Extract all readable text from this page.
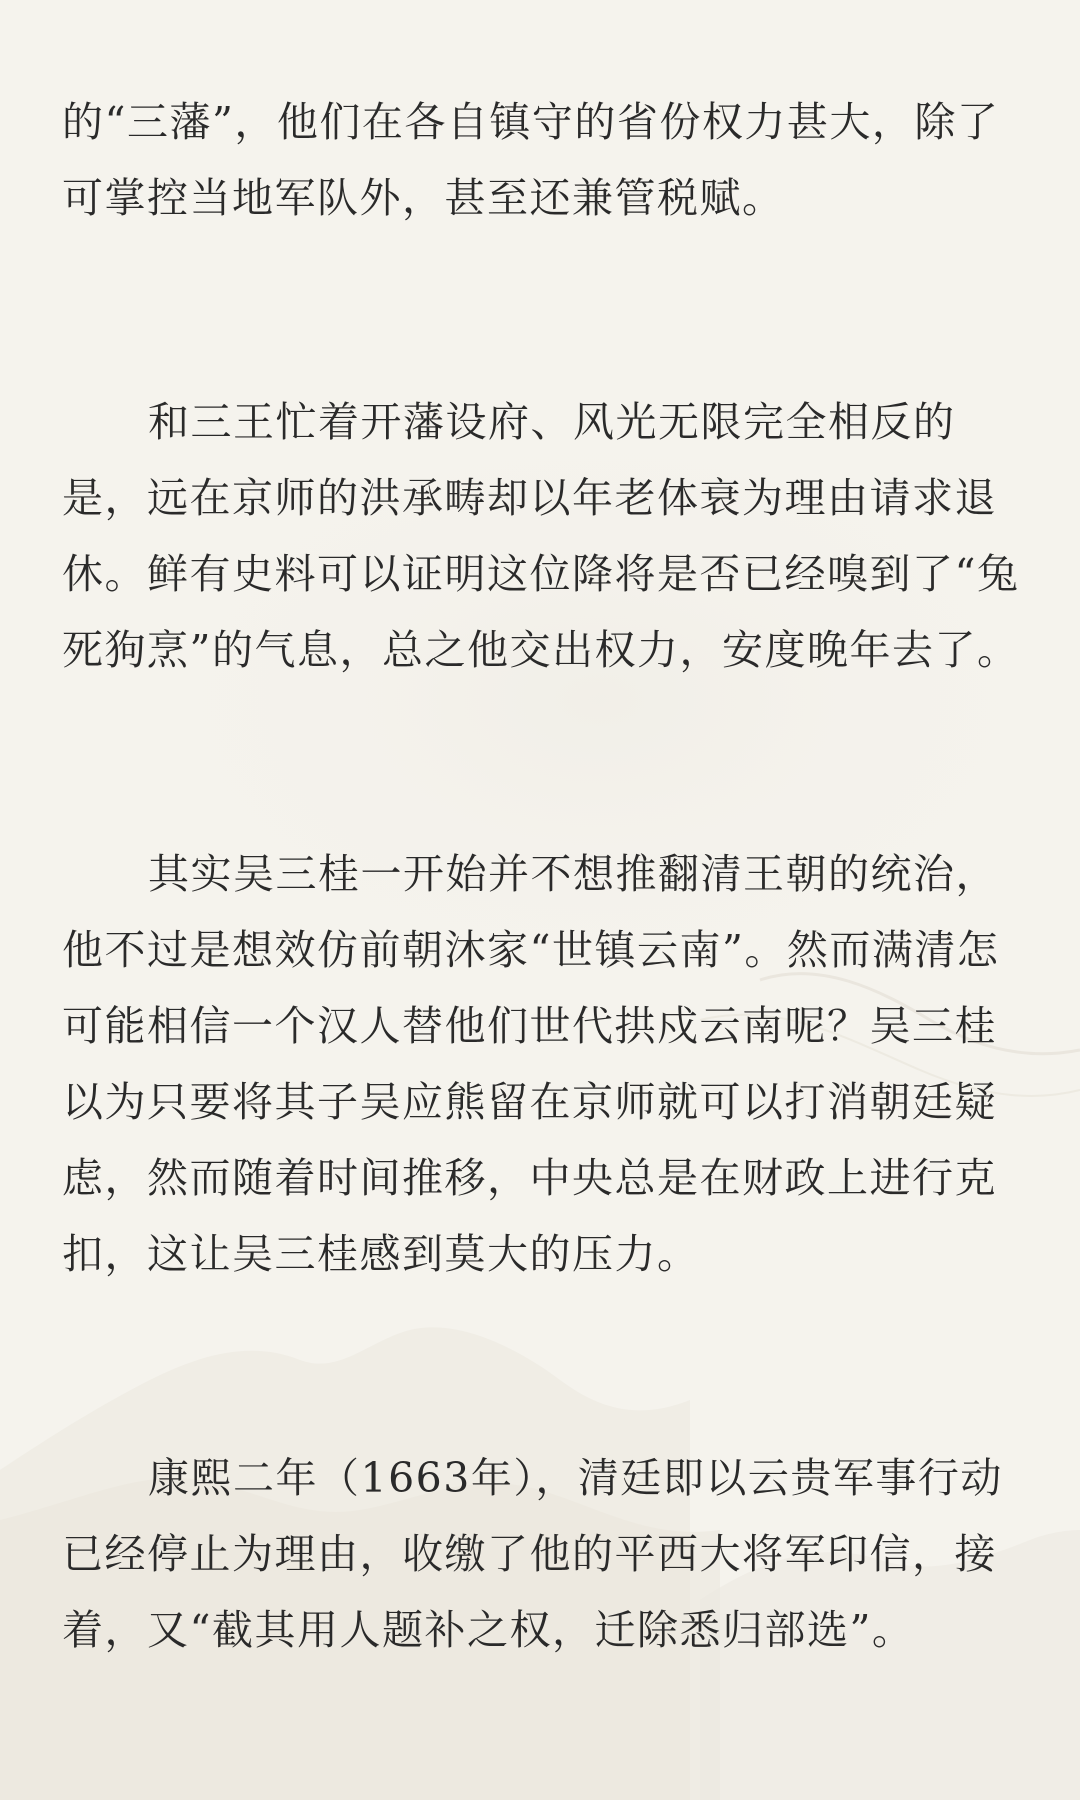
的“三藩”，他们在各自镇守的省份权力甚大，除了可掌控当地军队外，甚至还兼管税赋。

和三王忙着开藩设府、风光无限完全相反的是，远在京师的洪承畴却以年老体衰为理由请求退休。鲜有史料可以证明这位降将是否已经嗅到了“兔死狗烹”的气息，总之他交出权力，安度晚年去了。

其实吴三桂一开始并不想推翻清王朝的统治，他不过是想效仿前朝沐家“世镇云南”。然而满清怎可能相信一个汉人替他们世代拱戍云南呢？吴三桂以为只要将其子吴应熊留在京师就可以打消朝廷疑虑，然而随着时间推移，中央总是在财政上进行克扣，这让吴三桂感到莫大的压力。

康熙二年（1663年），清廷即以云贵军事行动已经停止为理由，收缴了他的平西大将军印信，接着，又“截其用人题补之权，迁除悉归部选”。
